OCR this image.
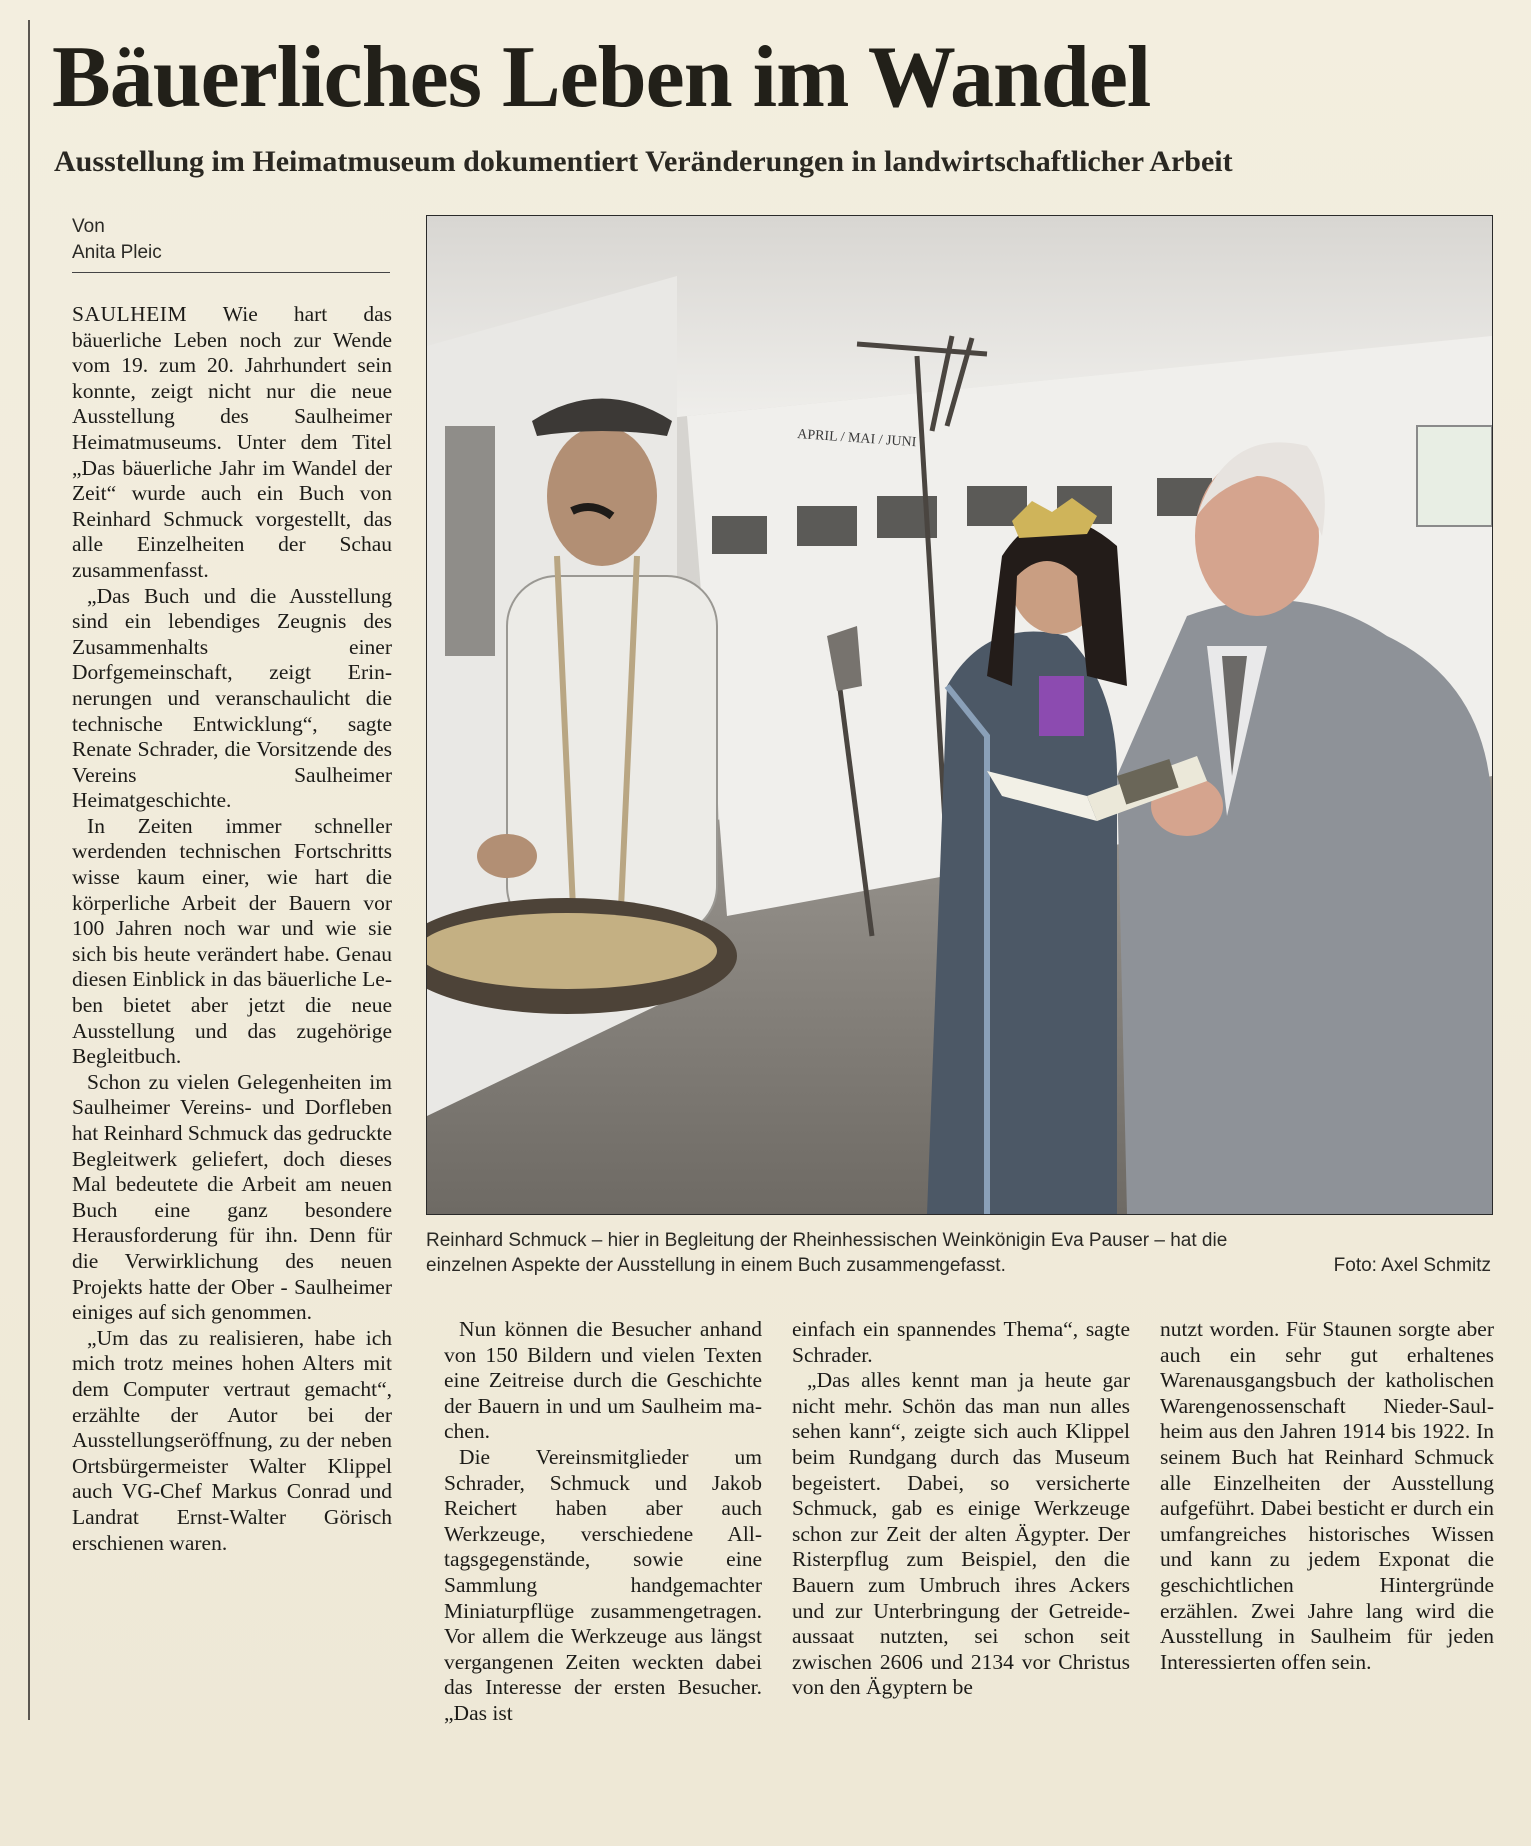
Bäuerliches Leben im Wandel
Ausstellung im Heimatmuseum dokumentiert Veränderungen in landwirtschaftlicher Arbeit
Von
Anita Pleic

SAULHEIM Wie hart das bäuerliche Leben noch zur Wende vom 19. zum 20. Jahrhundert sein konnte, zeigt nicht nur die neue Ausstellung des Saulheimer Heimatmuseums. Unter dem Titel „Das bäuerliche Jahr im Wandel der Zeit“ wurde auch ein Buch von Reinhard Schmuck vorgestellt, das alle Einzelheiten der Schau zusammenfasst.

„Das Buch und die Ausstellung sind ein lebendiges Zeugnis des Zusammenhalts einer Dorfgemeinschaft, zeigt Erinnerungen und veranschaulicht die technische Entwicklung“, sagte Renate Schrader, die Vorsitzende des Vereins Saulheimer Heimatgeschichte.

In Zeiten immer schneller werdenden technischen Fortschritts wisse kaum einer, wie hart die körperliche Arbeit der Bauern vor 100 Jahren noch war und wie sie sich bis heute verändert habe. Genau diesen Einblick in das bäuerliche Leben bietet aber jetzt die neue Ausstellung und das zugehörige Begleitbuch.

Schon zu vielen Gelegenheiten im Saulheimer Vereins- und Dorfleben hat Reinhard Schmuck das gedruckte Begleitwerk geliefert, doch dieses Mal bedeutete die Arbeit am neuen Buch eine ganz besondere Herausforderung für ihn. Denn für die Verwirklichung des neuen Projekts hatte der Ober - Saulheimer einiges auf sich genommen.

„Um das zu realisieren, habe ich mich trotz meines hohen Alters mit dem Computer vertraut gemacht“, erzählte der Autor bei der Ausstellungseröffnung, zu der neben Ortsbürgermeister Walter Klippel auch VG-Chef Markus Conrad und Landrat Ernst-Walter Görisch erschienen waren.

APRIL / MAI / JUNI
Reinhard Schmuck – hier in Begleitung der Rheinhessischen Weinkönigin Eva Pauser – hat die
einzelnen Aspekte der Ausstellung in einem Buch zusammengefasst.	Foto: Axel Schmitz

Nun können die Besucher anhand von 150 Bildern und vielen Texten eine Zeitreise durch die Geschichte der Bauern in und um Saulheim machen.

Die Vereinsmitglieder um Schrader, Schmuck und Jakob Reichert haben aber auch Werkzeuge, verschiedene Alltagsgegenstände, sowie eine Sammlung handgemachter Miniaturpflüge zusammengetragen. Vor allem die Werkzeuge aus längst vergangenen Zeiten weckten dabei das Interesse der ersten Besucher. „Das ist

einfach ein spannendes Thema“, sagte Schrader.

„Das alles kennt man ja heute gar nicht mehr. Schön das man nun alles sehen kann“, zeigte sich auch Klippel beim Rundgang durch das Museum begeistert. Dabei, so versicherte Schmuck, gab es einige Werkzeuge schon zur Zeit der alten Ägypter. Der Risterpflug zum Beispiel, den die Bauern zum Umbruch ihres Ackers und zur Unterbringung der Getreideaussaat nutzten, sei schon seit zwischen 2606 und 2134 vor Christus von den Ägyptern be

nutzt worden. Für Staunen sorgte aber auch ein sehr gut erhaltenes Warenausgangsbuch der katholischen Warengenossenschaft Nieder-Saulheim aus den Jahren 1914 bis 1922. In seinem Buch hat Reinhard Schmuck alle Einzelheiten der Ausstellung aufgeführt. Dabei besticht er durch ein umfangreiches historisches Wissen und kann zu jedem Exponat die geschichtlichen Hintergründe erzählen. Zwei Jahre lang wird die Ausstellung in Saulheim für jeden Interessierten offen sein.
